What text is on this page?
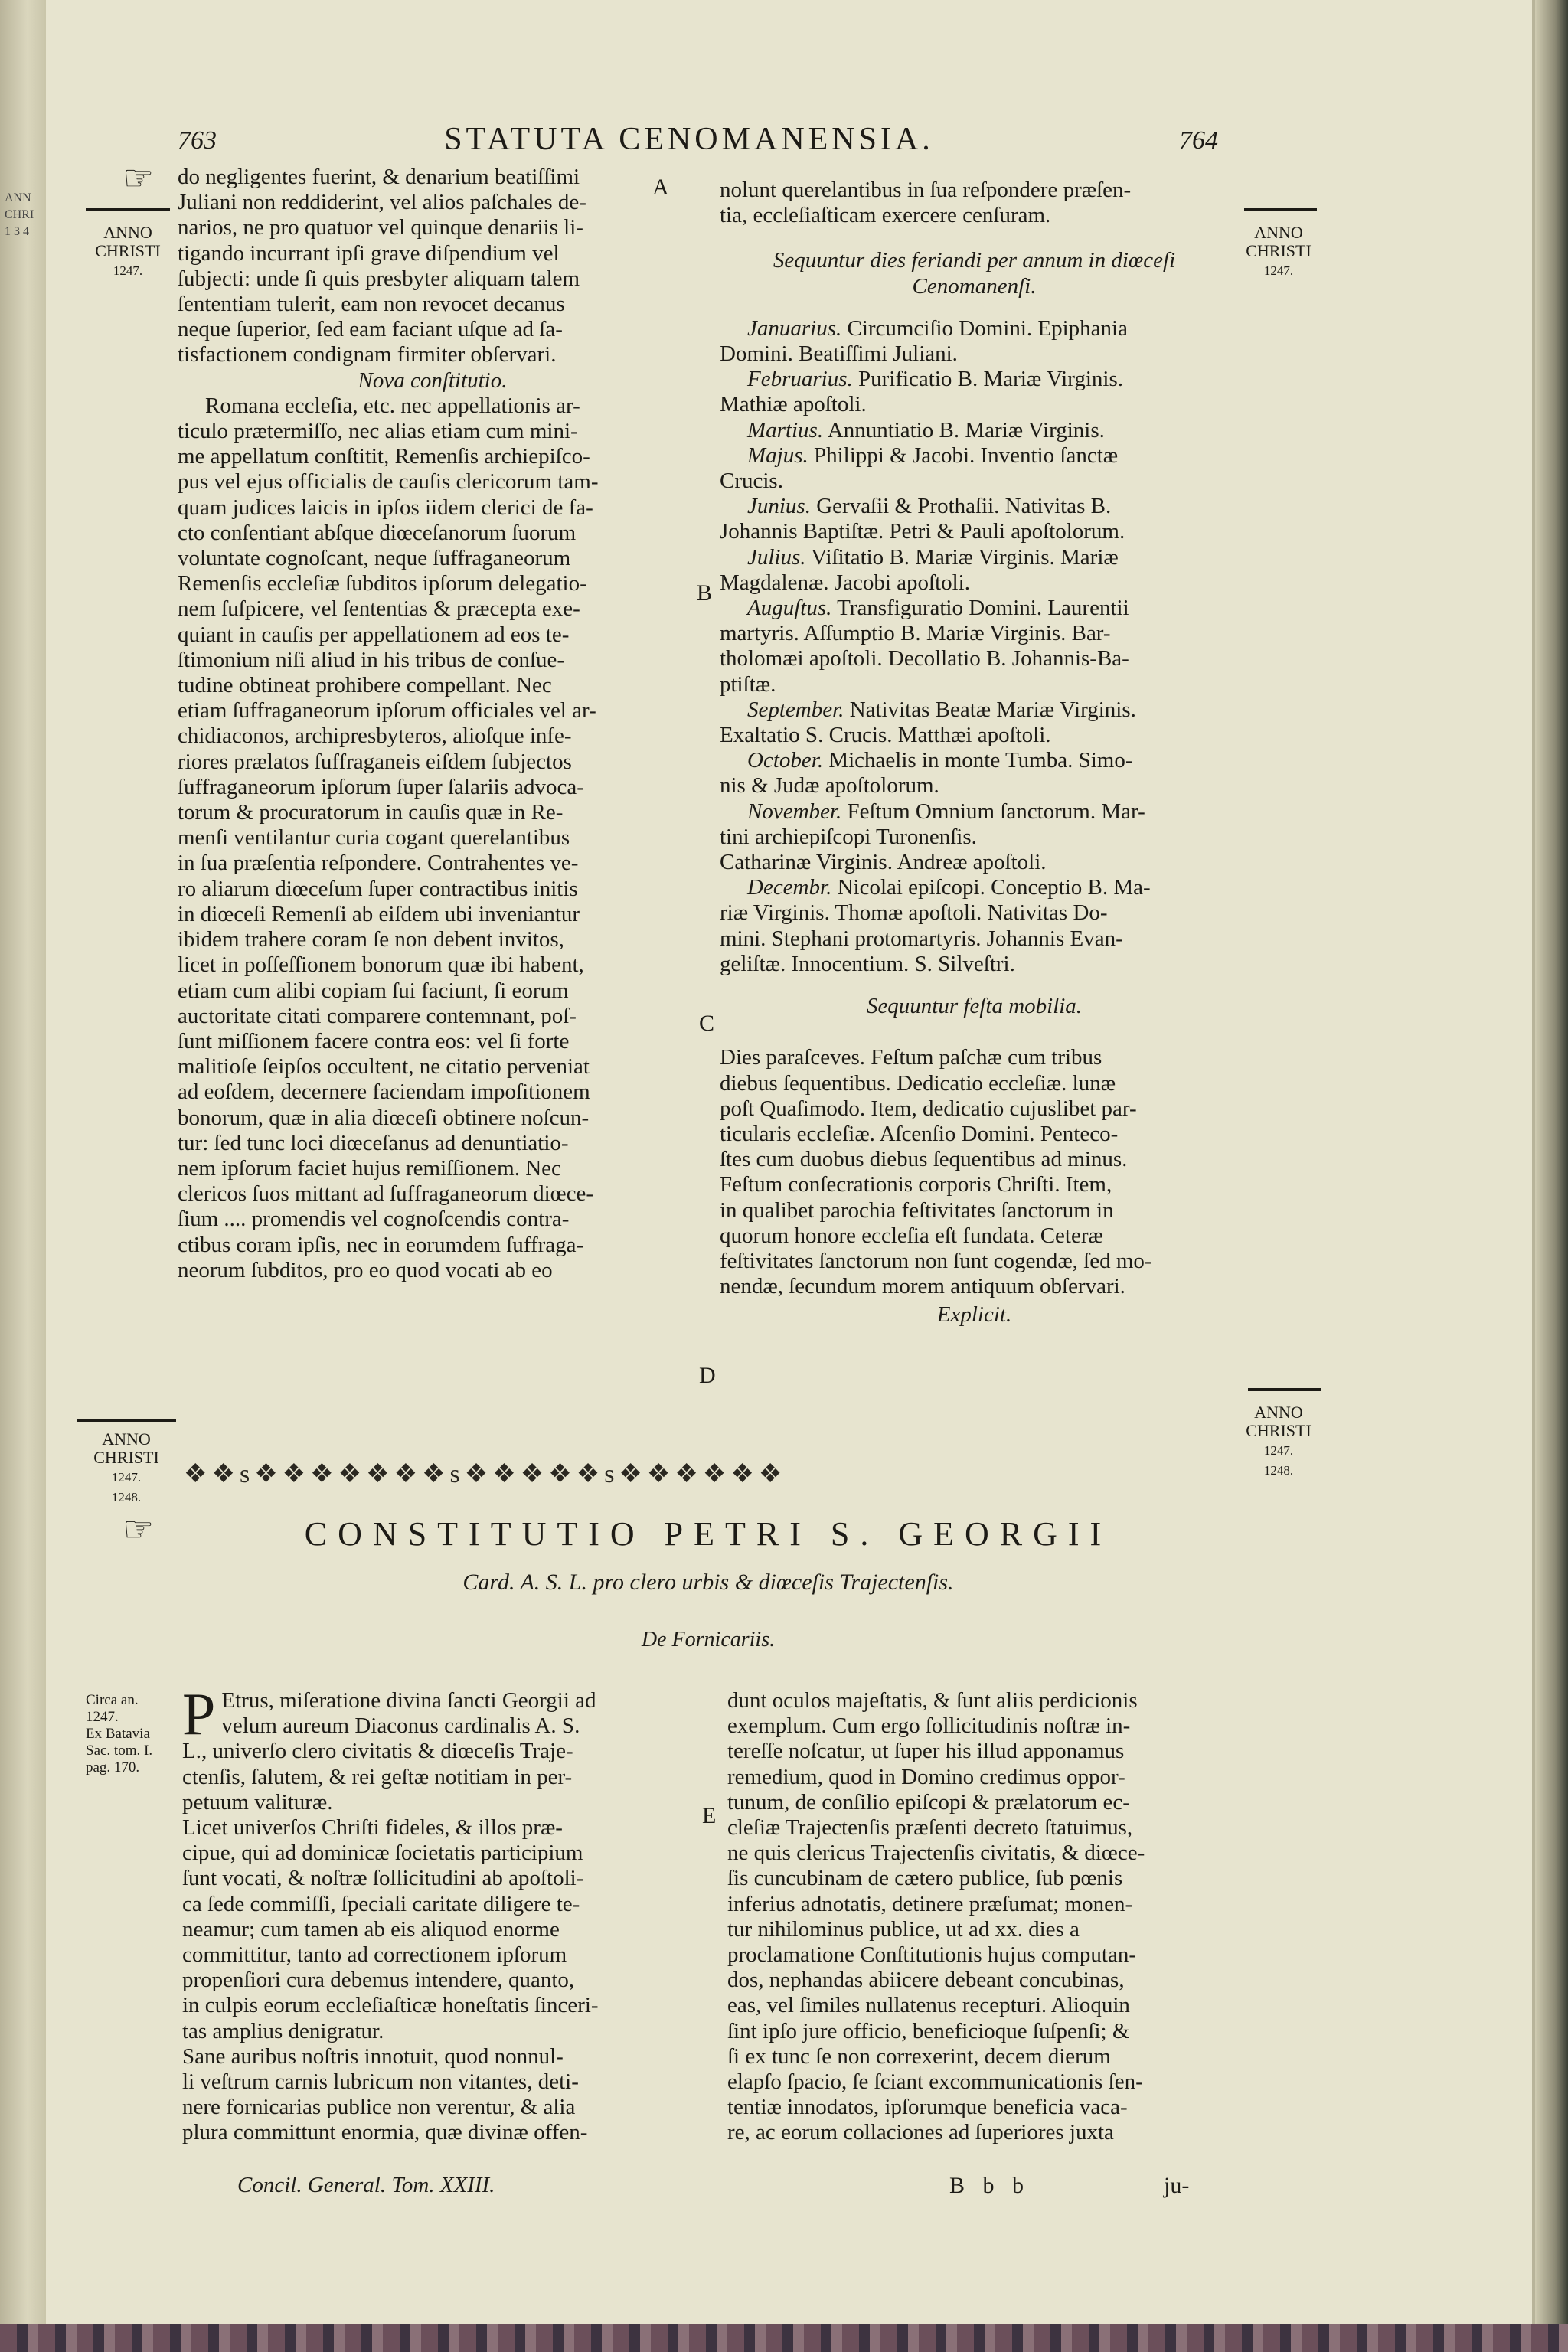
ANN
CHRI
1 3 4
763	STATUTA CENOMANENSIA.	764
☞
☞
ANNO
CHRISTI
1247.
ANNO
CHRISTI
1247.
A
B
C
D
E
do negligentes fuerint, & denarium beatiſſimi
Juliani non reddiderint, vel alios paſchales de-
narios, ne pro quatuor vel quinque denariis li-
tigando incurrant ipſi grave diſpendium vel
ſubjecti: unde ſi quis presbyter aliquam talem
ſententiam tulerit, eam non revocet decanus
neque ſuperior, ſed eam faciant uſque ad ſa-
tisfactionem condignam firmiter obſervari.

Nova conſtitutio.

Romana eccleſia, etc. nec appellationis ar-
ticulo prætermiſſo, nec alias etiam cum mini-
me appellatum conſtitit, Remenſis archiepiſco-
pus vel ejus officialis de cauſis clericorum tam-
quam judices laicis in ipſos iidem clerici de fa-
cto conſentiant abſque diœceſanorum ſuorum
voluntate cognoſcant, neque ſuffraganeorum
Remenſis eccleſiæ ſubditos ipſorum delegatio-
nem ſuſpicere, vel ſententias & præcepta exe-
quiant in cauſis per appellationem ad eos te-
ſtimonium niſi aliud in his tribus de conſue-
tudine obtineat prohibere compellant. Nec
etiam ſuffraganeorum ipſorum officiales vel ar-
chidiaconos, archipresbyteros, alioſque infe-
riores prælatos ſuffraganeis eiſdem ſubjectos
ſuffraganeorum ipſorum ſuper ſalariis advoca-
torum & procuratorum in cauſis quæ in Re-
menſi ventilantur curia cogant querelantibus
in ſua præſentia reſpondere. Contrahentes ve-
ro aliarum diœceſum ſuper contractibus initis
in diœceſi Remenſi ab eiſdem ubi inveniantur
ibidem trahere coram ſe non debent invitos,
licet in poſſeſſionem bonorum quæ ibi habent,
etiam cum alibi copiam ſui faciunt, ſi eorum
auctoritate citati comparere contemnant, poſ-
ſunt miſſionem facere contra eos: vel ſi forte
malitioſe ſeipſos occultent, ne citatio perveniat
ad eoſdem, decernere faciendam impoſitionem
bonorum, quæ in alia diœceſi obtinere noſcun-
tur: ſed tunc loci diœceſanus ad denuntiatio-
nem ipſorum faciet hujus remiſſionem. Nec
clericos ſuos mittant ad ſuffraganeorum diœce-
ſium .... promendis vel cognoſcendis contra-
ctibus coram ipſis, nec in eorumdem ſuffraga-
neorum ſubditos, pro eo quod vocati ab eo
nolunt querelantibus in ſua reſpondere præſen-
tia, eccleſiaſticam exercere cenſuram.

Sequuntur dies feriandi per annum in diœceſi Cenomanenſi.

Januarius. Circumciſio Domini. Epiphania
Domini. Beatiſſimi Juliani.
Februarius. Purificatio B. Mariæ Virginis.
Mathiæ apoſtoli.
Martius. Annuntiatio B. Mariæ Virginis.
Majus. Philippi & Jacobi. Inventio ſanctæ
Crucis.
Junius. Gervaſii & Prothaſii. Nativitas B.
Johannis Baptiſtæ. Petri & Pauli apoſtolorum.
Julius. Viſitatio B. Mariæ Virginis. Mariæ
Magdalenæ. Jacobi apoſtoli.
Auguſtus. Transfiguratio Domini. Laurentii
martyris. Aſſumptio B. Mariæ Virginis. Bar-
tholomæi apoſtoli. Decollatio B. Johannis-Ba-
ptiſtæ.
September. Nativitas Beatæ Mariæ Virginis.
Exaltatio S. Crucis. Matthæi apoſtoli.
October. Michaelis in monte Tumba. Simo-
nis & Judæ apoſtolorum.
November. Feſtum Omnium ſanctorum. Mar-
tini archiepiſcopi Turonenſis.
Catharinæ Virginis. Andreæ apoſtoli.
Decembr. Nicolai epiſcopi. Conceptio B. Ma-
riæ Virginis. Thomæ apoſtoli. Nativitas Do-
mini. Stephani protomartyris. Johannis Evan-
geliſtæ. Innocentium. S. Silveſtri.

Sequuntur feſta mobilia.

Dies paraſceves. Feſtum paſchæ cum tribus
diebus ſequentibus. Dedicatio eccleſiæ. lunæ
poſt Quaſimodo. Item, dedicatio cujuslibet par-
ticularis eccleſiæ. Aſcenſio Domini. Penteco-
ſtes cum duobus diebus ſequentibus ad minus.
Feſtum conſecrationis corporis Chriſti. Item,
in qualibet parochia feſtivitates ſanctorum in
quorum honore eccleſia eſt fundata. Ceteræ
feſtivitates ſanctorum non ſunt cogendæ, ſed mo-
nendæ, ſecundum morem antiquum obſervari.

Explicit.

ANNO
CHRISTI
1247.
1248.
ANNO
CHRISTI
1247.
1248.
❖❖s❖❖❖❖❖❖❖s❖❖❖❖❖s❖❖❖❖❖❖
CONSTITUTIO PETRI S. GEORGII
Card. A. S. L. pro clero urbis & diœceſis Trajectenſis.
De Fornicariis.
Circa an.
1247.
Ex Batavia
Sac. tom. I.
pag. 170.
P Etrus, miſeratione divina ſancti Georgii ad
velum aureum Diaconus cardinalis A. S.
L., univerſo clero civitatis & diœceſis Traje-
ctenſis, ſalutem, & rei geſtæ notitiam in per-
petuum valituræ.
Licet univerſos Chriſti fideles, & illos præ-
cipue, qui ad dominicæ ſocietatis participium
ſunt vocati, & noſtræ ſollicitudini ab apoſtoli-
ca ſede commiſſi, ſpeciali caritate diligere te-
neamur; cum tamen ab eis aliquod enorme
committitur, tanto ad correctionem ipſorum
propenſiori cura debemus intendere, quanto,
in culpis eorum eccleſiaſticæ honeſtatis ſinceri-
tas amplius denigratur.
Sane auribus noſtris innotuit, quod nonnul-
li veſtrum carnis lubricum non vitantes, deti-
nere fornicarias publice non verentur, & alia
plura committunt enormia, quæ divinæ offen-
dunt oculos majeſtatis, & ſunt aliis perdicionis
exemplum. Cum ergo ſollicitudinis noſtræ in-
tereſſe noſcatur, ut ſuper his illud apponamus
remedium, quod in Domino credimus oppor-
tunum, de conſilio epiſcopi & prælatorum ec-
cleſiæ Trajectenſis præſenti decreto ſtatuimus,
ne quis clericus Trajectenſis civitatis, & diœce-
ſis cuncubinam de cætero publice, ſub pœnis
inferius adnotatis, detinere præſumat; monen-
tur nihilominus publice, ut ad xx. dies a
proclamatione Conſtitutionis hujus computan-
dos, nephandas abiicere debeant concubinas,
eas, vel ſimiles nullatenus recepturi. Alioquin
ſint ipſo jure officio, beneficioque ſuſpenſi; &
ſi ex tunc ſe non correxerint, decem dierum
elapſo ſpacio, ſe ſciant excommunicationis ſen-
tentiæ innodatos, ipſorumque beneficia vaca-
re, ac eorum collaciones ad ſuperiores juxta
Concil. General. Tom. XXIII.	B b b	ju-
